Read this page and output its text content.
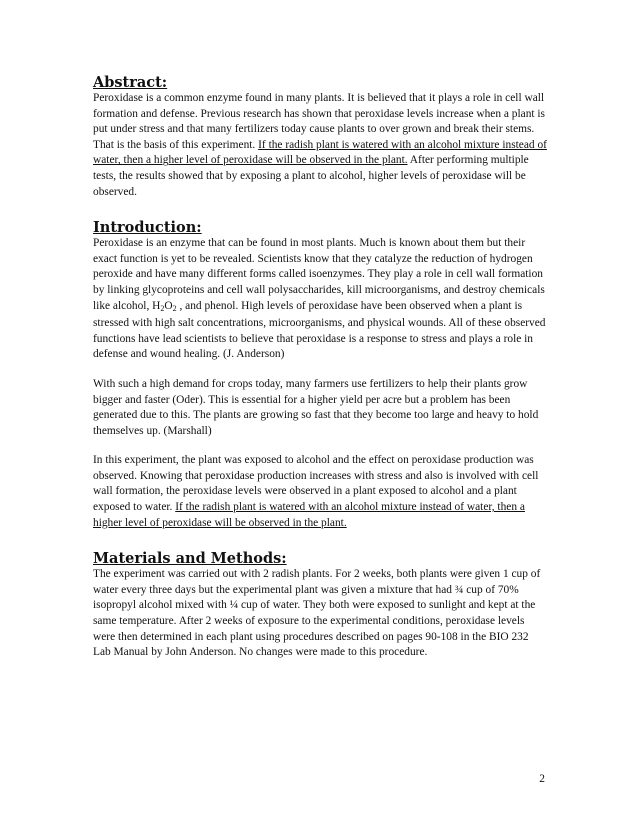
Abstract:

Peroxidase is a common enzyme found in many plants. It is believed that it plays a role in cell wall formation and defense. Previous research has shown that peroxidase levels increase when a plant is put under stress and that many fertilizers today cause plants to over grown and break their stems. That is the basis of this experiment. If the radish plant is watered with an alcohol mixture instead of water, then a higher level of peroxidase will be observed in the plant. After performing multiple tests, the results showed that by exposing a plant to alcohol, higher levels of peroxidase will be observed.

Introduction:

Peroxidase is an enzyme that can be found in most plants. Much is known about them but their exact function is yet to be revealed. Scientists know that they catalyze the reduction of hydrogen peroxide and have many different forms called isoenzymes. They play a role in cell wall formation by linking glycoproteins and cell wall polysaccharides, kill microorganisms, and destroy chemicals like alcohol, $H_2O_2$ , and phenol. High levels of peroxidase have been observed when a plant is stressed with high salt concentrations, microorganisms, and physical wounds. All of these observed functions have lead scientists to believe that peroxidase is a response to stress and plays a role in defense and wound healing. (J. Anderson)

With such a high demand for crops today, many farmers use fertilizers to help their plants grow bigger and faster (Oder). This is essential for a higher yield per acre but a problem has been generated due to this. The plants are growing so fast that they become too large and heavy to hold themselves up. (Marshall)

In this experiment, the plant was exposed to alcohol and the effect on peroxidase production was observed. Knowing that peroxidase production increases with stress and also is involved with cell wall formation, the peroxidase levels were observed in a plant exposed to alcohol and a plant exposed to water. If the radish plant is watered with an alcohol mixture instead of water, then a higher level of peroxidase will be observed in the plant.

Materials and Methods:

The experiment was carried out with 2 radish plants. For 2 weeks, both plants were given 1 cup of water every three days but the experimental plant was given a mixture that had ¾ cup of 70% isopropyl alcohol mixed with ¼ cup of water. They both were exposed to sunlight and kept at the same temperature. After 2 weeks of exposure to the experimental conditions, peroxidase levels were then determined in each plant using procedures described on pages 90-108 in the BIO 232 Lab Manual by John Anderson. No changes were made to this procedure.

2
